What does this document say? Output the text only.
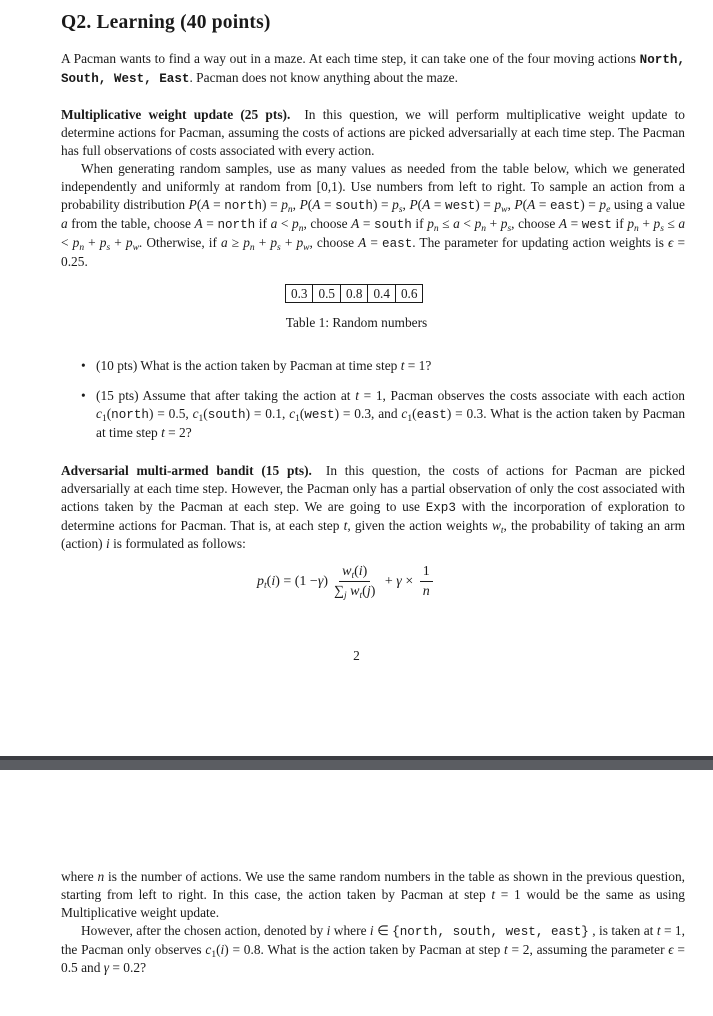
Q2. Learning (40 points)

A Pacman wants to find a way out in a maze. At each time step, it can take one of the four moving actions North, South, West, East. Pacman does not know anything about the maze.

Multiplicative weight update (25 pts). In this question, we will perform multiplicative weight update to determine actions for Pacman, assuming the costs of actions are picked adversarially at each time step. The Pacman has full observations of costs associated with every action.

When generating random samples, use as many values as needed from the table below, which we generated independently and uniformly at random from [0,1). Use numbers from left to right. To sample an action from a probability distribution P(A = north) = $p_n$, P(A = south) = $p_s$, P(A = west) = $p_w$, P(A = east) = $p_e$ using a value a from the table, choose A = north if $a < p_n$, choose A = south if $p_n \le a < p_n + p_s$, choose A = west if $p_n + p_s \le a < p_n + p_s + p_w$. Otherwise, if $a \ge p_n + p_s + p_w$, choose A = east. The parameter for updating action weights is ϵ = 0.25.

0.3	0.5	0.8	0.4	0.6
Table 1: Random numbers
• (10 pts) What is the action taken by Pacman at time step t = 1?
• (15 pts) Assume that after taking the action at t = 1, Pacman observes the costs associate with each action $c_1(north) = 0.5$, $c_1(south) = 0.1$, $c_1(west) = 0.3$, and $c_1(east) = 0.3$. What is the action taken by Pacman at time step t = 2?

Adversarial multi-armed bandit (15 pts). In this question, the costs of actions for Pacman are picked adversarially at each time step. However, the Pacman only has a partial observation of only the cost associated with actions taken by the Pacman at each step. We are going to use Exp3 with the incorporation of exploration to determine actions for Pacman. That is, at each step t, given the action weights $w_t$, the probability of taking an arm (action) i is formulated as follows:

$p_t$ ( i ) = (1 − γ ) $\frac{w_t(i)}{\sum_j w_t(j)} + \gamma \times \frac{1}{n}$
2

where n is the number of actions. We use the same random numbers in the table as shown in the previous question, starting from left to right. In this case, the action taken by Pacman at step t = 1 would be the same as using Multiplicative weight update.

However, after the chosen action, denoted by i where i ∈ {north, south, west, east} , is taken at t = 1, the Pacman only observes $c_1(i) = 0.8$. What is the action taken by Pacman at step t = 2, assuming the parameter ϵ = 0.5 and γ = 0.2?
